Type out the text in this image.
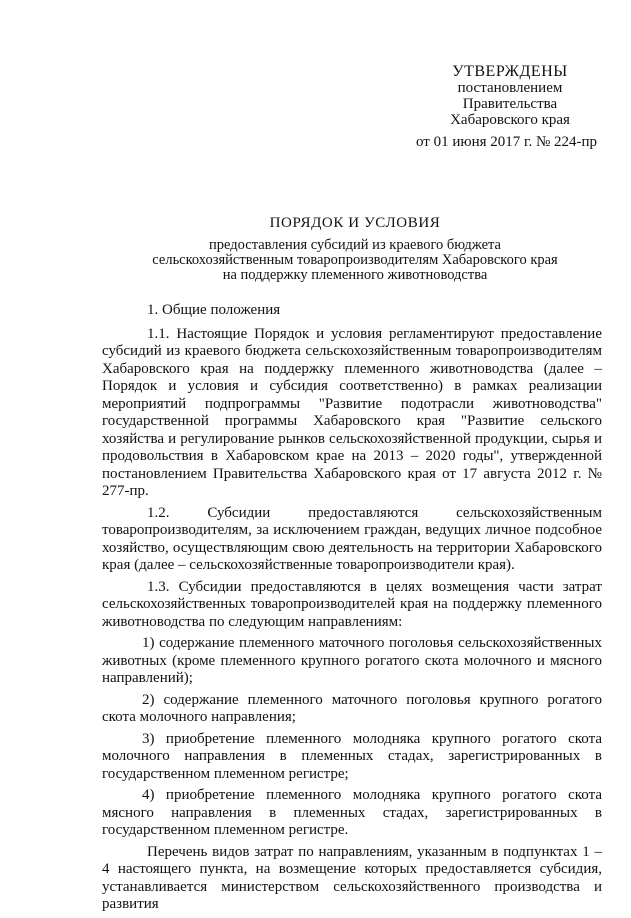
УТВЕРЖДЕНЫ
постановлением
Правительства
Хабаровского края
от 01 июня 2017 г. № 224-пр
ПОРЯДОК И УСЛОВИЯ
предоставления субсидий из краевого бюджета
сельскохозяйственным товаропроизводителям Хабаровского края
на поддержку племенного животноводства
1. Общие положения

1.1. Настоящие Порядок и условия регламентируют предоставление субсидий из краевого бюджета сельскохозяйственным товаропроизводителям Хабаровского края на поддержку племенного животноводства (далее – Порядок и условия и субсидия соответственно) в рамках реализации мероприятий подпрограммы "Развитие подотрасли животноводства" государственной программы Хабаровского края "Развитие сельского хозяйства и регулирование рынков сельскохозяйственной продукции, сырья и продовольствия в Хабаровском крае на 2013 – 2020 годы", утвержденной постановлением Правительства Хабаровского края от 17 августа 2012 г. № 277-пр.

1.2. Субсидии предоставляются сельскохозяйственным товаропроизводителям, за исключением граждан, ведущих личное подсобное хозяйство, осуществляющим свою деятельность на территории Хабаровского края (далее – сельскохозяйственные товаропроизводители края).

1.3. Субсидии предоставляются в целях возмещения части затрат сельскохозяйственных товаропроизводителей края на поддержку племенного животноводства по следующим направлениям:

1) содержание племенного маточного поголовья сельскохозяйственных животных (кроме племенного крупного рогатого скота молочного и мясного направлений);

2) содержание племенного маточного поголовья крупного рогатого скота молочного направления;

3) приобретение племенного молодняка крупного рогатого скота молочного направления в племенных стадах, зарегистрированных в государственном племенном регистре;

4) приобретение племенного молодняка крупного рогатого скота мясного направления в племенных стадах, зарегистрированных в государственном племенном регистре.

Перечень видов затрат по направлениям, указанным в подпунктах 1 – 4 настоящего пункта, на возмещение которых предоставляется субсидия, устанавливается министерством сельскохозяйственного производства и развития
